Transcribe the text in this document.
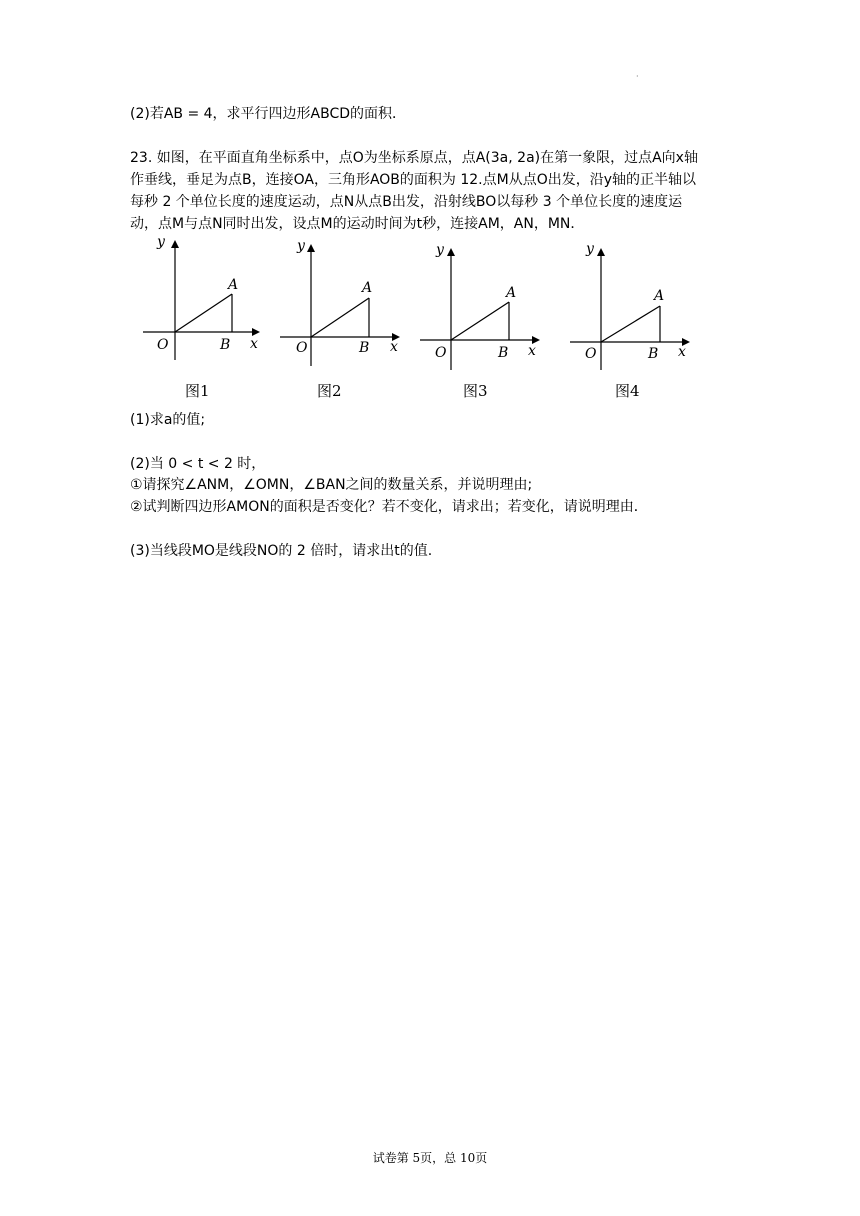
·
(2)若AB = 4，求平行四边形ABCD的面积．
23. 如图，在平面直角坐标系中，点O为坐标系原点，点A(3a, 2a)在第一象限，过点A向x轴
作垂线，垂足为点B，连接OA，三角形AOB的面积为 12.点M从点O出发，沿y轴的正半轴以
每秒 2 个单位长度的速度运动，点N从点B出发，沿射线BO以每秒 3 个单位长度的速度运
动，点M与点N同时出发，设点M的运动时间为t秒，连接AM，AN，MN．
y
x
O
A
B
图1
y
x
O
A
B
图2
y
x
O
A
B
图3
y
x
O
A
B
图4
(1)求a的值;
(2)当 0 < t < 2 时，
①请探究∠ANM，∠OMN，∠BAN之间的数量关系，并说明理由;
②试判断四边形AMON的面积是否变化？若不变化，请求出；若变化，请说明理由．
(3)当线段MO是线段NO的 2 倍时，请求出t的值.
试卷第 5页，总 10页
